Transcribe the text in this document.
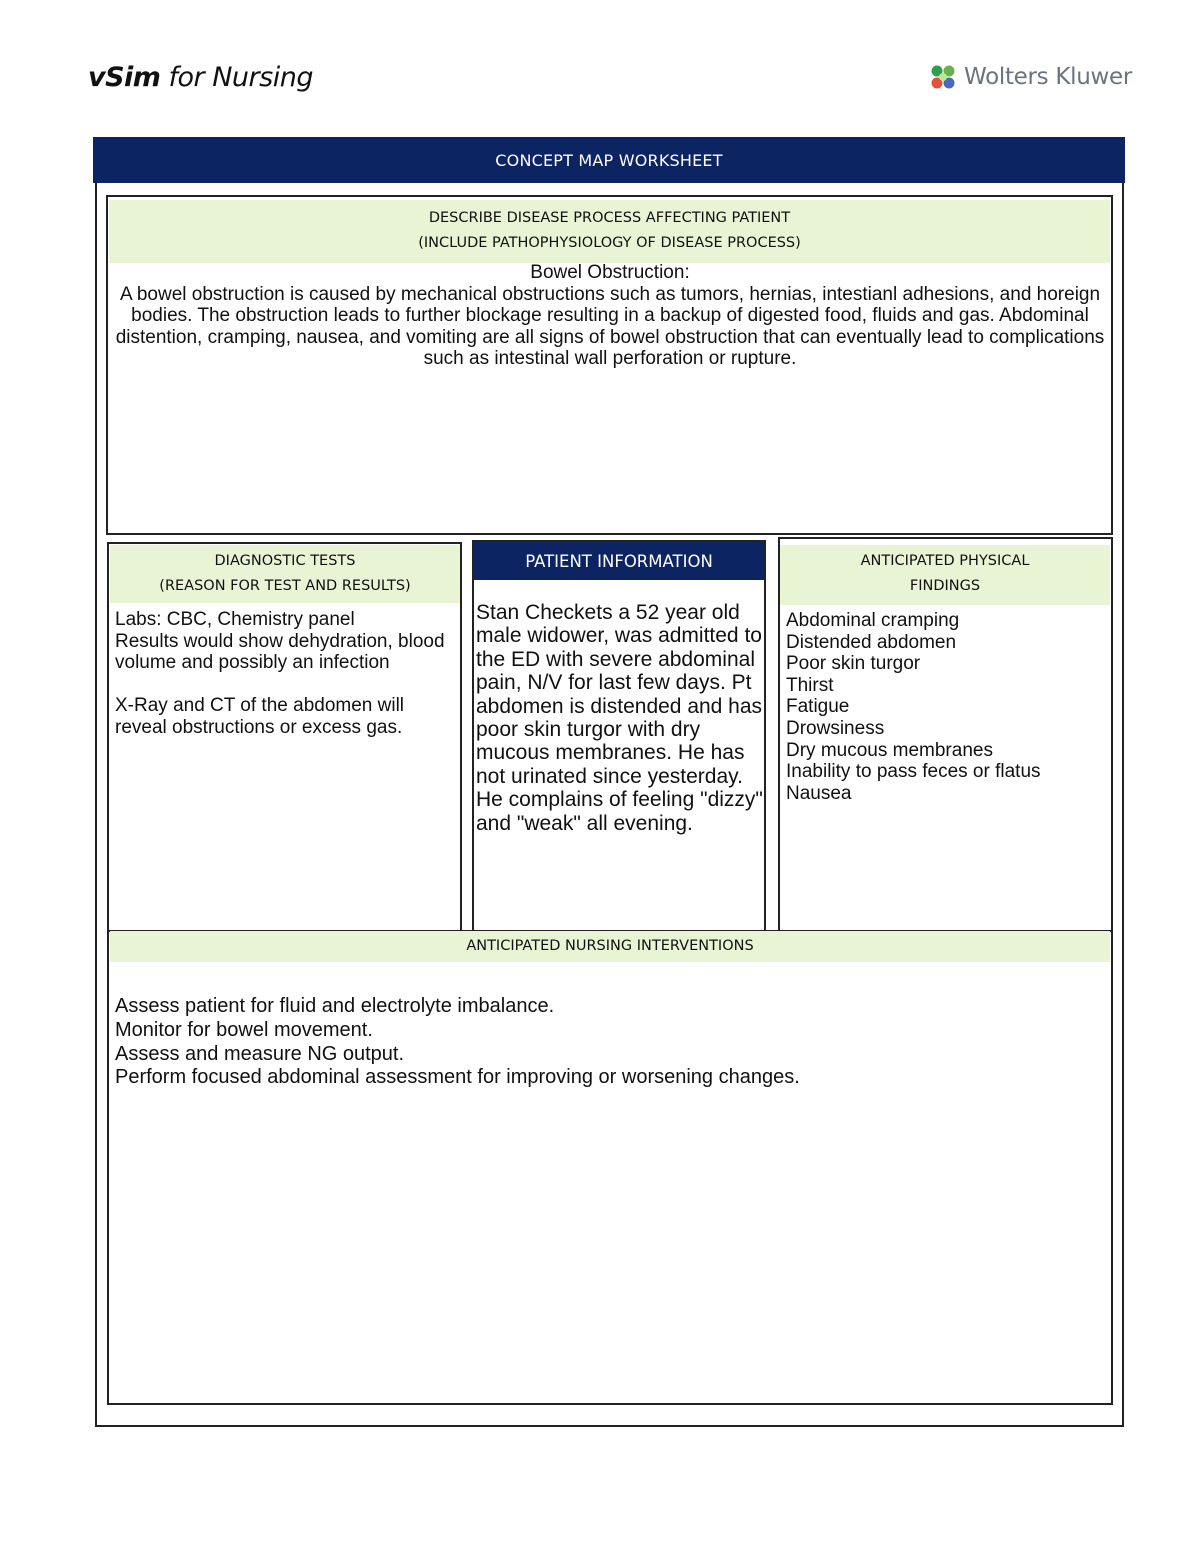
vSim for Nursing	Wolters Kluwer
CONCEPT MAP WORKSHEET
DESCRIBE DISEASE PROCESS AFFECTING PATIENT
(INCLUDE PATHOPHYSIOLOGY OF DISEASE PROCESS)
Bowel Obstruction:
A bowel obstruction is caused by mechanical obstructions such as tumors, hernias, intestianl adhesions, and horeign bodies. The obstruction leads to further blockage resulting in a backup of digested food, fluids and gas. Abdominal distention, cramping, nausea, and vomiting are all signs of bowel obstruction that can eventually lead to complications such as intestinal wall perforation or rupture.
DIAGNOSTIC TESTS
(REASON FOR TEST AND RESULTS)
Labs: CBC, Chemistry panel
Results would show dehydration, blood volume and possibly an infection

X-Ray and CT of the abdomen will reveal obstructions or excess gas.
PATIENT INFORMATION
Stan Checkets a 52 year old male widower, was admitted to the ED with severe abdominal pain, N/V for last few days. Pt abdomen is distended and has poor skin turgor with dry mucous membranes. He has not urinated since yesterday. He complains of feeling "dizzy" and "weak" all evening.
ANTICIPATED PHYSICAL
FINDINGS
Abdominal cramping
Distended abdomen
Poor skin turgor
Thirst
Fatigue
Drowsiness
Dry mucous membranes
Inability to pass feces or flatus
Nausea
ANTICIPATED NURSING INTERVENTIONS
Assess patient for fluid and electrolyte imbalance.
Monitor for bowel movement.
Assess and measure NG output.
Perform focused abdominal assessment for improving or worsening changes.
